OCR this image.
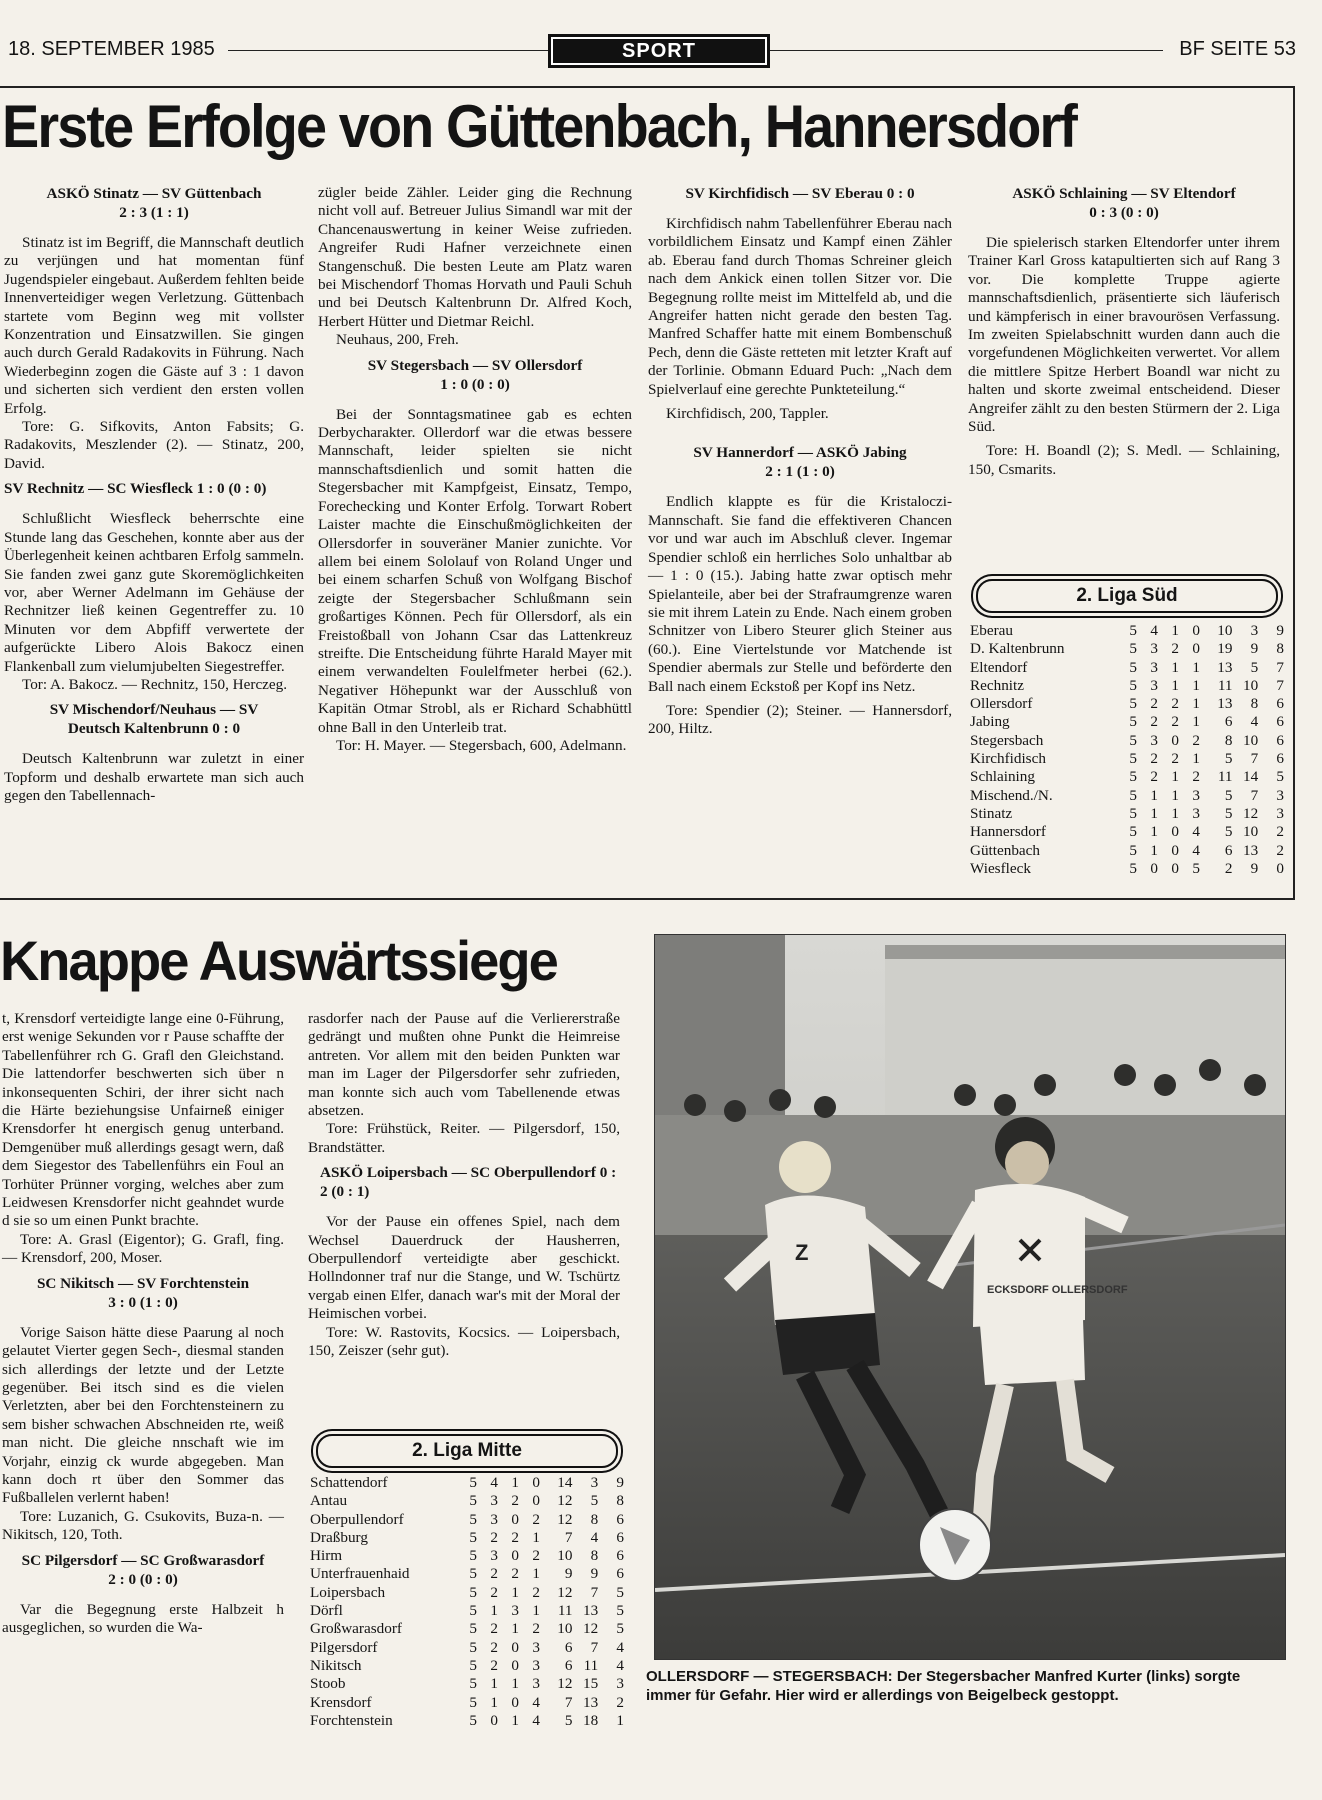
18. SEPTEMBER 1985	BF SEITE 53
SPORT
Erste Erfolge von Güttenbach, Hannersdorf
ASKÖ Stinatz — SV Güttenbach
2 : 3 (1 : 1)

Stinatz ist im Begriff, die Mannschaft deutlich zu verjüngen und hat momentan fünf Jugendspieler eingebaut. Außerdem fehlten beide Innenverteidiger wegen Verletzung. Güttenbach startete vom Beginn weg mit vollster Konzentration und Einsatzwillen. Sie gingen auch durch Gerald Radakovits in Führung. Nach Wiederbeginn zogen die Gäste auf 3 : 1 davon und sicherten sich verdient den ersten vollen Erfolg.

Tore: G. Sifkovits, Anton Fabsits; G. Radakovits, Meszlender (2). — Stinatz, 200, David.

SV Rechnitz — SC Wiesfleck 1 : 0 (0 : 0)

Schlußlicht Wiesfleck beherrschte eine Stunde lang das Geschehen, konnte aber aus der Überlegenheit keinen achtbaren Erfolg sammeln. Sie fanden zwei ganz gute Skoremöglichkeiten vor, aber Werner Adelmann im Gehäuse der Rechnitzer ließ keinen Gegentreffer zu. 10 Minuten vor dem Abpfiff verwertete der aufgerückte Libero Alois Bakocz einen Flankenball zum vielumjubelten Siegestreffer.

Tor: A. Bakocz. — Rechnitz, 150, Herczeg.

SV Mischendorf/Neuhaus — SV Deutsch Kaltenbrunn 0 : 0

Deutsch Kaltenbrunn war zuletzt in einer Topform und deshalb erwartete man sich auch gegen den Tabellennach-

zügler beide Zähler. Leider ging die Rechnung nicht voll auf. Betreuer Julius Simandl war mit der Chancenauswertung in keiner Weise zufrieden. Angreifer Rudi Hafner verzeichnete einen Stangenschuß. Die besten Leute am Platz waren bei Mischendorf Thomas Horvath und Pauli Schuh und bei Deutsch Kaltenbrunn Dr. Alfred Koch, Herbert Hütter und Dietmar Reichl.

Neuhaus, 200, Freh.

SV Stegersbach — SV Ollersdorf
1 : 0 (0 : 0)

Bei der Sonntagsmatinee gab es echten Derbycharakter. Ollerdorf war die etwas bessere Mannschaft, leider spielten sie nicht mannschaftsdienlich und somit hatten die Stegersbacher mit Kampfgeist, Einsatz, Tempo, Forechecking und Konter Erfolg. Torwart Robert Laister machte die Einschußmöglichkeiten der Ollersdorfer in souveräner Manier zunichte. Vor allem bei einem Sololauf von Roland Unger und bei einem scharfen Schuß von Wolfgang Bischof zeigte der Stegersbacher Schlußmann sein großartiges Können. Pech für Ollersdorf, als ein Freistoßball von Johann Csar das Lattenkreuz streifte. Die Entscheidung führte Harald Mayer mit einem verwandelten Foulelfmeter herbei (62.). Negativer Höhepunkt war der Ausschluß von Kapitän Otmar Strobl, als er Richard Schabhüttl ohne Ball in den Unterleib trat.

Tor: H. Mayer. — Stegersbach, 600, Adelmann.

SV Kirchfidisch — SV Eberau 0 : 0

Kirchfidisch nahm Tabellenführer Eberau nach vorbildlichem Einsatz und Kampf einen Zähler ab. Eberau fand durch Thomas Schreiner gleich nach dem Ankick einen tollen Sitzer vor. Die Begegnung rollte meist im Mittelfeld ab, und die Angreifer hatten nicht gerade den besten Tag. Manfred Schaffer hatte mit einem Bombenschuß Pech, denn die Gäste retteten mit letzter Kraft auf der Torlinie. Obmann Eduard Puch: „Nach dem Spielverlauf eine gerechte Punkteteilung.“

Kirchfidisch, 200, Tappler.

SV Hannerdorf — ASKÖ Jabing
2 : 1 (1 : 0)

Endlich klappte es für die Kristaloczi-Mannschaft. Sie fand die effektiveren Chancen vor und war auch im Abschluß clever. Ingemar Spendier schloß ein herrliches Solo unhaltbar ab — 1 : 0 (15.). Jabing hatte zwar optisch mehr Spielanteile, aber bei der Strafraumgrenze waren sie mit ihrem Latein zu Ende. Nach einem groben Schnitzer von Libero Steurer glich Steiner aus (60.). Eine Viertelstunde vor Matchende ist Spendier abermals zur Stelle und beförderte den Ball nach einem Eckstoß per Kopf ins Netz.

Tore: Spendier (2); Steiner. — Hannersdorf, 200, Hiltz.

ASKÖ Schlaining — SV Eltendorf
0 : 3 (0 : 0)

Die spielerisch starken Eltendorfer unter ihrem Trainer Karl Gross katapultierten sich auf Rang 3 vor. Die komplette Truppe agierte mannschaftsdienlich, präsentierte sich läuferisch und kämpferisch in einer bravourösen Verfassung. Im zweiten Spielabschnitt wurden dann auch die vorgefundenen Möglichkeiten verwertet. Vor allem die mittlere Spitze Herbert Boandl war nicht zu halten und skorte zweimal entscheidend. Dieser Angreifer zählt zu den besten Stürmern der 2. Liga Süd.

Tore: H. Boandl (2); S. Medl. — Schlaining, 150, Csmarits.

2. Liga Süd
Eberau	5 4 1 0	10	3	9
D. Kaltenbrunn	5 3 2 0	19	9	8
Eltendorf	5 3 1 1	13	5	7
Rechnitz	5 3 1 1	11 10	7
Ollersdorf	5 2 2 1	13	8	6
Jabing	5 2 2 1	6	4	6
Stegersbach	5 3 0 2	8 10	6
Kirchfidisch	5 2 2 1	5	7	6
Schlaining	5 2 1 2	11 14	5
Mischend./N.	5 1 1 3	5	7	3
Stinatz	5 1 1 3	5 12	3
Hannersdorf	5 1 0 4	5 10	2
Güttenbach	5 1 0 4	6 13	2
Wiesfleck	5 0 0 5	2	9	0
Knappe Auswärtssiege

t, Krensdorf verteidigte lange eine 0-Führung, erst wenige Sekunden vor r Pause schaffte der Tabellenführer rch G. Grafl den Gleichstand. Die lattendorfer beschwerten sich über n inkonsequenten Schiri, der ihrer sicht nach die Härte beziehungsise Unfairneß einiger Krensdorfer ht energisch genug unterband. Demgenüber muß allerdings gesagt wern, daß dem Siegestor des Tabellenführs ein Foul an Torhüter Prünner vorging, welches aber zum Leidwesen Krensdorfer nicht geahndet wurde d sie so um einen Punkt brachte.

Tore: A. Grasl (Eigentor); G. Grafl, fing. — Krensdorf, 200, Moser.

SC Nikitsch — SV Forchtenstein
3 : 0 (1 : 0)

Vorige Saison hätte diese Paarung al noch gelautet Vierter gegen Sech-, diesmal standen sich allerdings der letzte und der Letzte gegenüber. Bei itsch sind es die vielen Verletzten, aber bei den Forchtensteinern zu sem bisher schwachen Abschneiden rte, weiß man nicht. Die gleiche nnschaft wie im Vorjahr, einzig ck wurde abgegeben. Man kann doch rt über den Sommer das Fußballelen verlernt haben!

Tore: Luzanich, G. Csukovits, Buza-n. — Nikitsch, 120, Toth.

SC Pilgersdorf — SC Großwarasdorf
2 : 0 (0 : 0)

Var die Begegnung erste Halbzeit h ausgeglichen, so wurden die Wa-

rasdorfer nach der Pause auf die Verliererstraße gedrängt und mußten ohne Punkt die Heimreise antreten. Vor allem mit den beiden Punkten war man im Lager der Pilgersdorfer sehr zufrieden, man konnte sich auch vom Tabellenende etwas absetzen.

Tore: Frühstück, Reiter. — Pilgersdorf, 150, Brandstätter.

ASKÖ Loipersbach — SC Oberpullendorf 0 : 2 (0 : 1)

Vor der Pause ein offenes Spiel, nach dem Wechsel Dauerdruck der Hausherren, Oberpullendorf verteidigte aber geschickt. Hollndonner traf nur die Stange, und W. Tschürtz vergab einen Elfer, danach war's mit der Moral der Heimischen vorbei.

Tore: W. Rastovits, Kocsics. — Loipersbach, 150, Zeiszer (sehr gut).

2. Liga Mitte
Schattendorf	5 4 1 0	14	3	9
Antau	5 3 2 0	12	5	8
Oberpullendorf	5 3 0 2	12	8	6
Draßburg	5 2 2 1	7	4	6
Hirm	5 3 0 2	10	8	6
Unterfrauenhaid	5 2 2 1	9	9	6
Loipersbach	5 2 1 2	12	7	5
Dörfl	5 1 3 1	11 13	5
Großwarasdorf	5 2 1 2	10 12	5
Pilgersdorf	5 2 0 3	6	7	4
Nikitsch	5 2 0 3	6 11	4
Stoob	5 1 1 3	12 15	3
Krensdorf	5 1 0 4	7 13	2
Forchtenstein	5 0 1 4	5 18	1
Z
ECKSDORF OLLERSDORF
OLLERSDORF — STEGERSBACH: Der Stegersbacher Manfred Kurter (links) sorgte immer für Gefahr. Hier wird er allerdings von Beigelbeck gestoppt.
